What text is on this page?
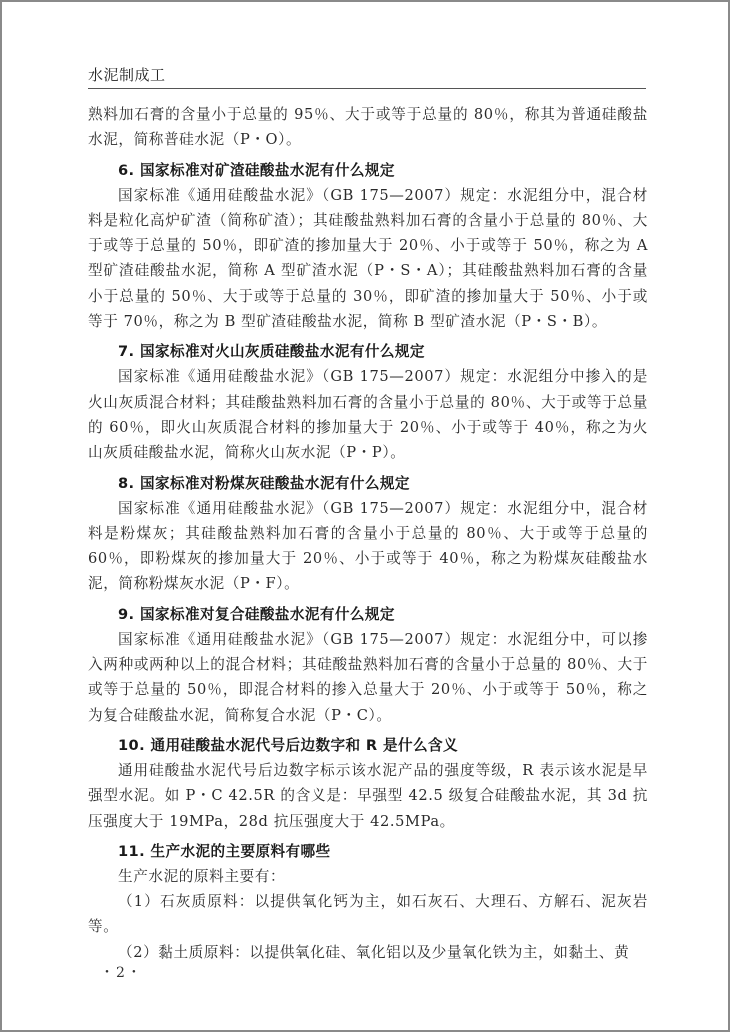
水泥制成工

熟料加石膏的含量小于总量的 95％、大于或等于总量的 80％，称其为普通硅酸盐水泥，简称普硅水泥（P・O）。

6. 国家标准对矿渣硅酸盐水泥有什么规定

国家标准《通用硅酸盐水泥》（GB 175—2007）规定：水泥组分中，混合材料是粒化高炉矿渣（简称矿渣）；其硅酸盐熟料加石膏的含量小于总量的 80％、大于或等于总量的 50％，即矿渣的掺加量大于 20％、小于或等于 50％，称之为 A 型矿渣硅酸盐水泥，简称 A 型矿渣水泥（P・S・A）；其硅酸盐熟料加石膏的含量小于总量的 50％、大于或等于总量的 30％，即矿渣的掺加量大于 50％、小于或等于 70％，称之为 B 型矿渣硅酸盐水泥，简称 B 型矿渣水泥（P・S・B）。

7. 国家标准对火山灰质硅酸盐水泥有什么规定

国家标准《通用硅酸盐水泥》（GB 175—2007）规定：水泥组分中掺入的是火山灰质混合材料；其硅酸盐熟料加石膏的含量小于总量的 80％、大于或等于总量的 60％，即火山灰质混合材料的掺加量大于 20％、小于或等于 40％，称之为火山灰质硅酸盐水泥，简称火山灰水泥（P・P）。

8. 国家标准对粉煤灰硅酸盐水泥有什么规定

国家标准《通用硅酸盐水泥》（GB 175—2007）规定：水泥组分中，混合材料是粉煤灰；其硅酸盐熟料加石膏的含量小于总量的 80％、大于或等于总量的 60％，即粉煤灰的掺加量大于 20％、小于或等于 40％，称之为粉煤灰硅酸盐水泥，简称粉煤灰水泥（P・F）。

9. 国家标准对复合硅酸盐水泥有什么规定

国家标准《通用硅酸盐水泥》（GB 175—2007）规定：水泥组分中，可以掺入两种或两种以上的混合材料；其硅酸盐熟料加石膏的含量小于总量的 80％、大于或等于总量的 50％，即混合材料的掺入总量大于 20％、小于或等于 50％，称之为复合硅酸盐水泥，简称复合水泥（P・C）。

10. 通用硅酸盐水泥代号后边数字和 R 是什么含义

通用硅酸盐水泥代号后边数字标示该水泥产品的强度等级，R 表示该水泥是早强型水泥。如 P・C 42.5R 的含义是：早强型 42.5 级复合硅酸盐水泥，其 3d 抗压强度大于 19MPa，28d 抗压强度大于 42.5MPa。

11. 生产水泥的主要原料有哪些

生产水泥的原料主要有：

（1）石灰质原料：以提供氧化钙为主，如石灰石、大理石、方解石、泥灰岩等。

（2）黏土质原料：以提供氧化硅、氧化铝以及少量氧化铁为主，如黏土、黄

・2・
